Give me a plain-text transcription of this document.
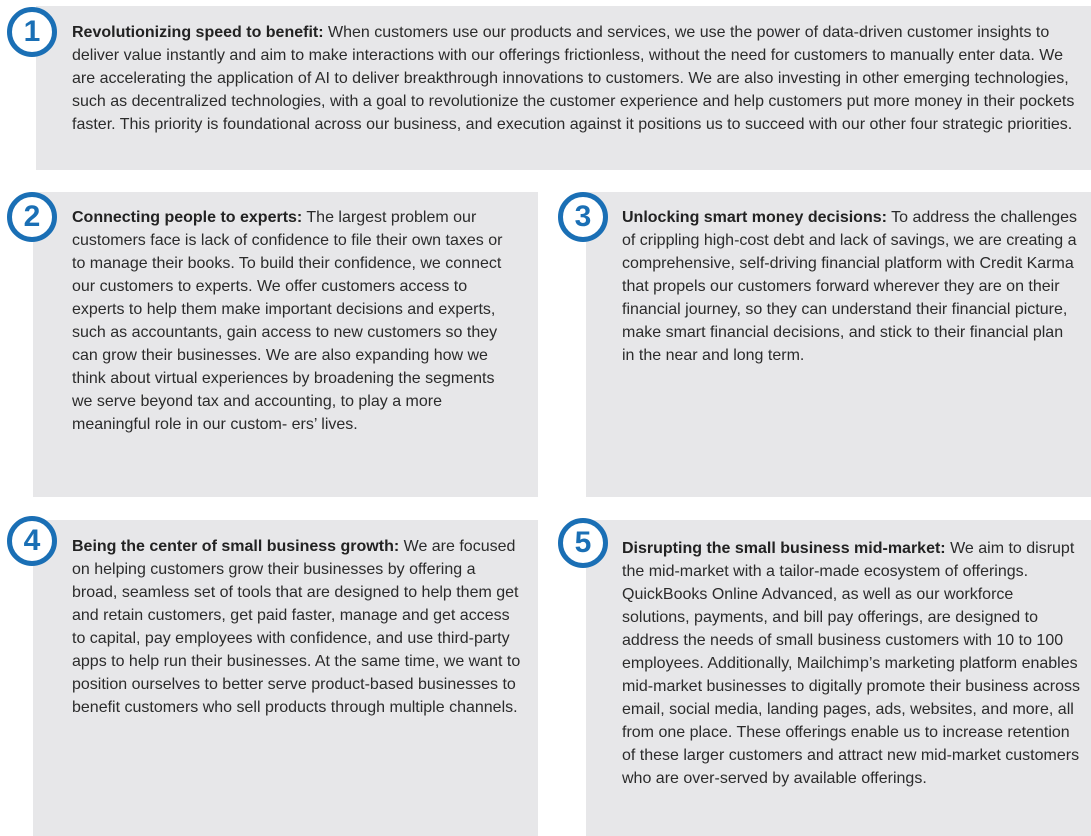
1	Revolutionizing speed to benefit: When customers use our products and services, we use the power of data-driven customer insights to deliver value instantly and aim to make interactions with our offerings frictionless, without the need for customers to manually enter data. We are accelerating the application of AI to deliver breakthrough innovations to customers. We are also investing in other emerging technologies, such as decentralized technologies, with a goal to revolutionize the customer experience and help customers put more money in their pockets faster. This priority is foundational across our business, and execution against it positions us to succeed with our other four strategic priorities.
2	Connecting people to experts: The largest problem our customers face is lack of confidence to file their own taxes or to manage their books. To build their confidence, we connect our customers to experts. We offer customers access to experts to help them make important decisions and experts, such as accountants, gain access to new customers so they can grow their businesses. We are also expanding how we think about virtual experiences by broadening the segments we serve beyond tax and accounting, to play a more meaningful role in our custom- ers’ lives.
3	Unlocking smart money decisions: To address the challenges of crippling high-cost debt and lack of savings, we are creating a comprehensive, self-driving financial platform with Credit Karma that propels our customers forward wherever they are on their financial journey, so they can understand their financial picture, make smart financial decisions, and stick to their financial plan in the near and long term.
4	Being the center of small business growth: We are focused on helping customers grow their businesses by offering a broad, seamless set of tools that are designed to help them get and retain customers, get paid faster, manage and get access to capital, pay employees with confidence, and use third-party apps to help run their businesses. At the same time, we want to position ourselves to better serve product-based businesses to benefit customers who sell products through multiple channels.
5	Disrupting the small business mid-market: We aim to disrupt the mid-market with a tailor-made ecosystem of offerings. QuickBooks Online Advanced, as well as our workforce solutions, payments, and bill pay offerings, are designed to address the needs of small business customers with 10 to 100 employees. Additionally, Mailchimp’s marketing platform enables mid-market businesses to digitally promote their business across email, social media, landing pages, ads, websites, and more, all from one place. These offerings enable us to increase retention of these larger customers and attract new mid-market customers who are over-served by available offerings.
